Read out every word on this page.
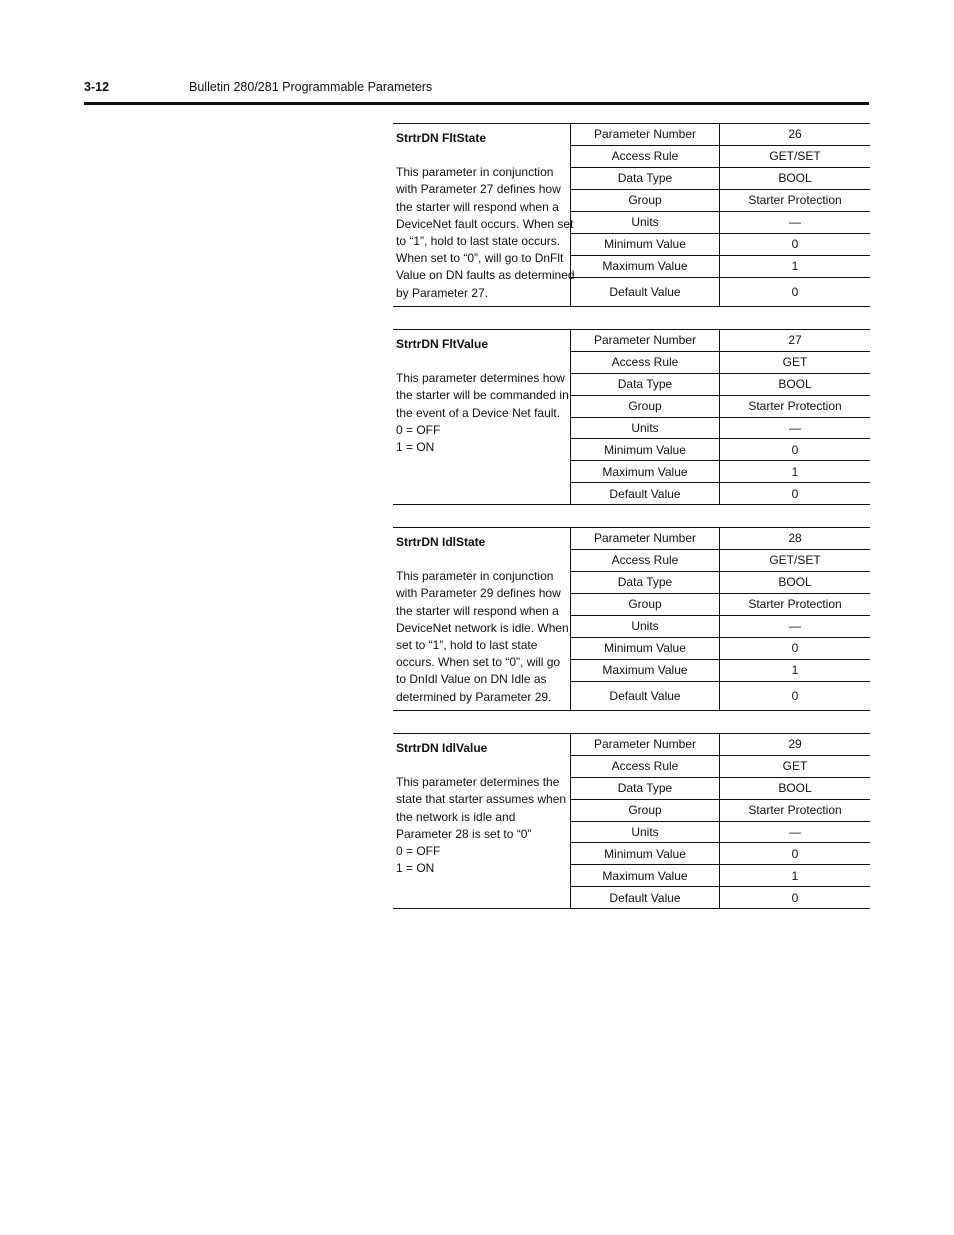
3-12	Bulletin 280/281 Programmable Parameters
StrtrDN FltState
This parameter in conjunction
with Parameter 27 defines how
the starter will respond when a
DeviceNet fault occurs. When set
to “1”, hold to last state occurs.
When set to “0”, will go to DnFlt
Value on DN faults as determined
by Parameter 27.
Parameter Number	26
Access Rule	GET/SET
Data Type	BOOL
Group	Starter Protection
Units	—
Minimum Value	0
Maximum Value	1
Default Value	0
StrtrDN FltValue
This parameter determines how
the starter will be commanded in
the event of a Device Net fault.
0 = OFF
1 = ON
Parameter Number	27
Access Rule	GET
Data Type	BOOL
Group	Starter Protection
Units	—
Minimum Value	0
Maximum Value	1
Default Value	0
StrtrDN IdlState
This parameter in conjunction
with Parameter 29 defines how
the starter will respond when a
DeviceNet network is idle. When
set to “1”, hold to last state
occurs. When set to “0”, will go
to DnIdl Value on DN Idle as
determined by Parameter 29.
Parameter Number	28
Access Rule	GET/SET
Data Type	BOOL
Group	Starter Protection
Units	—
Minimum Value	0
Maximum Value	1
Default Value	0
StrtrDN IdlValue
This parameter determines the
state that starter assumes when
the network is idle and
Parameter 28 is set to “0”
0 = OFF
1 = ON
Parameter Number	29
Access Rule	GET
Data Type	BOOL
Group	Starter Protection
Units	—
Minimum Value	0
Maximum Value	1
Default Value	0
